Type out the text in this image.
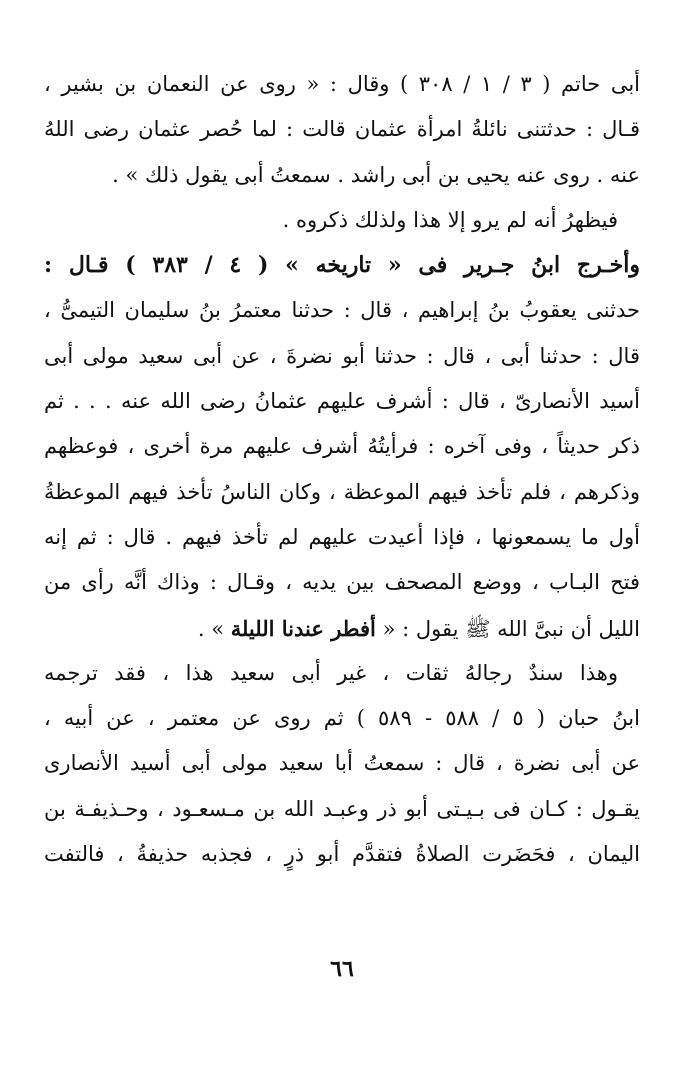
أبى حاتم ( ٣ / ١ / ٣٠٨ ) وقال : « روى عن النعمان بن بشير ،
قـال : حدثتنى نائلةُ امرأة عثمان قالت : لما حُصر عثمان رضى اللهُ
عنه . روى عنه يحيى بن أبى راشد . سمعتُ أبى يقول ذلك » .
فيظهرُ أنه لم يرو إلا هذا ولذلك ذكروه .
وأخـرج ابنُ جـرير فى « تاريخه » ( ٤ / ٣٨٣ ) قـال :
حدثنى يعقوبُ بنُ إبراهيم ، قال : حدثنا معتمرُ بنُ سليمان التيمىُّ ،
قال : حدثنا أبى ، قال : حدثنا أبو نضرةَ ، عن أبى سعيد مولى أبى
أسيد الأنصارىّ ، قال : أشرف عليهم عثمانُ رضى الله عنه . . . ثم
ذكر حديثاً ، وفى آخره : فرأيتُهُ أشرف عليهم مرة أخرى ، فوعظهم
وذكرهم ، فلم تأخذ فيهم الموعظة ، وكان الناسُ تأخذ فيهم الموعظةُ
أول ما يسمعونها ، فإذا أعيدت عليهم لم تأخذ فيهم . قال : ثم إنه
فتح البـاب ، ووضع المصحف بين يديه ، وقـال : وذاك أنَّه رأى من
الليل أن نبىَّ الله ﷺ يقول : « أفطر عندنا الليلة » .
وهذا سندٌ رجالهُ ثقات ، غير أبى سعيد هذا ، فقد ترجمه
ابنُ حبان ( ٥ / ٥٨٨ - ٥٨٩ ) ثم روى عن معتمر ، عن أبيه ،
عن أبى نضرة ، قال : سمعتُ أبا سعيد مولى أبى أسيد الأنصارى
يقـول : كـان فى بـيـتى أبو ذر وعبـد الله بن مـسعـود ، وحـذيفـة بن
اليمان ، فحَضَرت الصلاةُ فتقدَّم أبو ذرٍ ، فجذبه حذيفةُ ، فالتفت
٦٦
